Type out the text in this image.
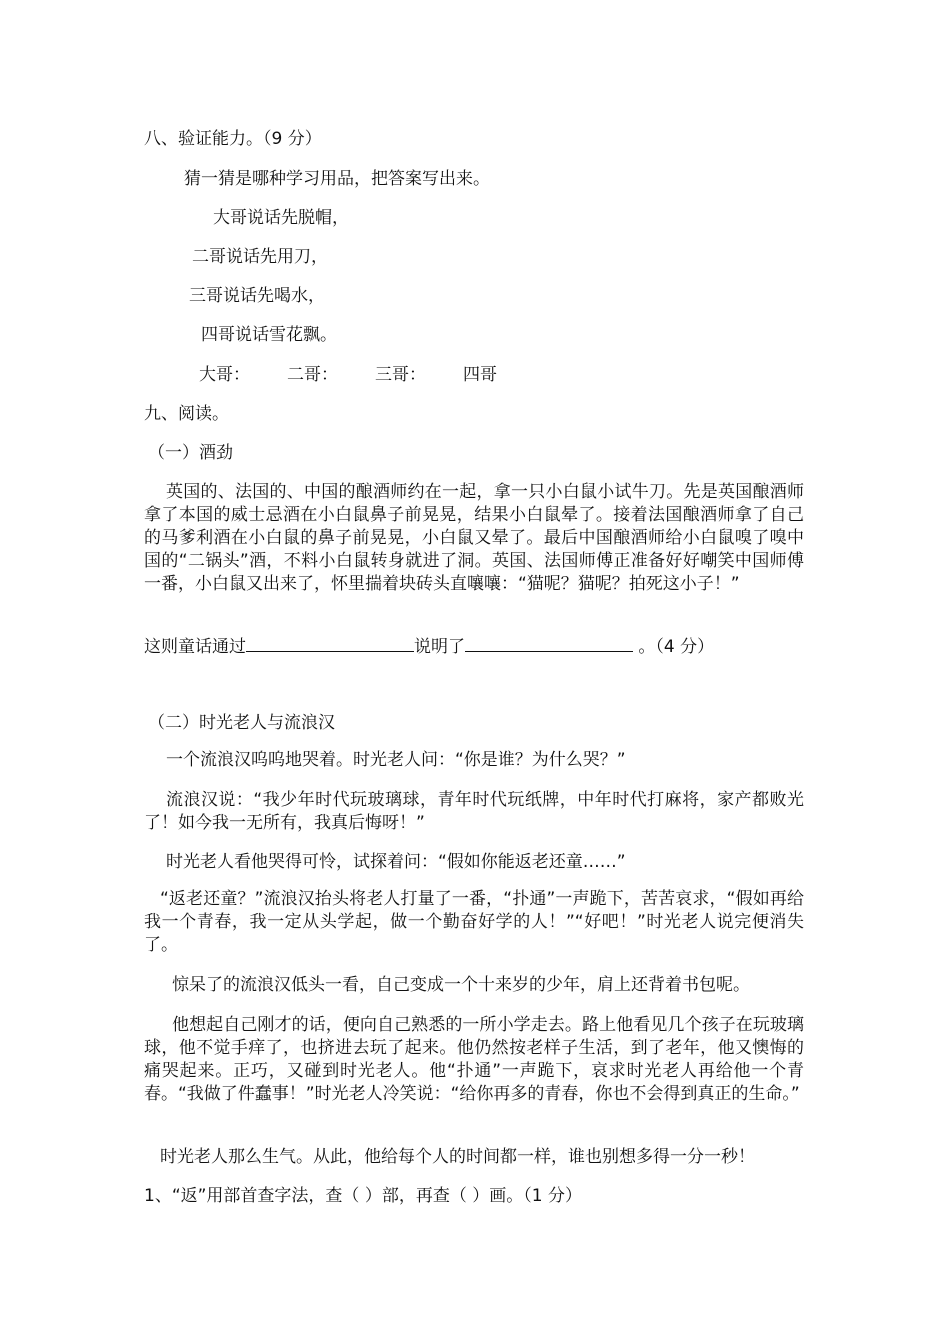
八、验证能力。（9 分）
猜一猜是哪种学习用品，把答案写出来。
大哥说话先脱帽，
二哥说话先用刀，
三哥说话先喝水，
四哥说话雪花飘。
大哥： 二哥： 三哥： 四哥
九、阅读。
（一）酒劲
英国的、法国的、中国的酿酒师约在一起，拿一只小白鼠小试牛刀。先是英国酿酒师拿了本国的威士忌酒在小白鼠鼻子前晃晃，结果小白鼠晕了。接着法国酿酒师拿了自己的马爹利酒在小白鼠的鼻子前晃晃，小白鼠又晕了。最后中国酿酒师给小白鼠嗅了嗅中国的“二锅头”酒，不料小白鼠转身就进了洞。英国、法国师傅正准备好好嘲笑中国师傅一番，小白鼠又出来了，怀里揣着块砖头直嚷嚷：“猫呢？猫呢？拍死这小子！”
这则童话通过	说明了	。（4 分）
（二）时光老人与流浪汉
一个流浪汉呜呜地哭着。时光老人问：“你是谁？为什么哭？”
流浪汉说：“我少年时代玩玻璃球，青年时代玩纸牌，中年时代打麻将，家产都败光了！如今我一无所有，我真后悔呀！”
时光老人看他哭得可怜，试探着问：“假如你能返老还童……”
“返老还童？”流浪汉抬头将老人打量了一番，“扑通”一声跪下，苦苦哀求，“假如再给我一个青春，我一定从头学起，做一个勤奋好学的人！”“好吧！”时光老人说完便消失了。
惊呆了的流浪汉低头一看，自己变成一个十来岁的少年，肩上还背着书包呢。
他想起自己刚才的话，便向自己熟悉的一所小学走去。路上他看见几个孩子在玩玻璃球，他不觉手痒了，也挤进去玩了起来。他仍然按老样子生活，到了老年，他又懊悔的痛哭起来。正巧，又碰到时光老人。他“扑通”一声跪下，哀求时光老人再给他一个青春。“我做了件蠢事！”时光老人冷笑说：“给你再多的青春，你也不会得到真正的生命。”
时光老人那么生气。从此，他给每个人的时间都一样，谁也别想多得一分一秒！
1、“返”用部首查字法，查（ ）部，再查（ ）画。（1 分）
